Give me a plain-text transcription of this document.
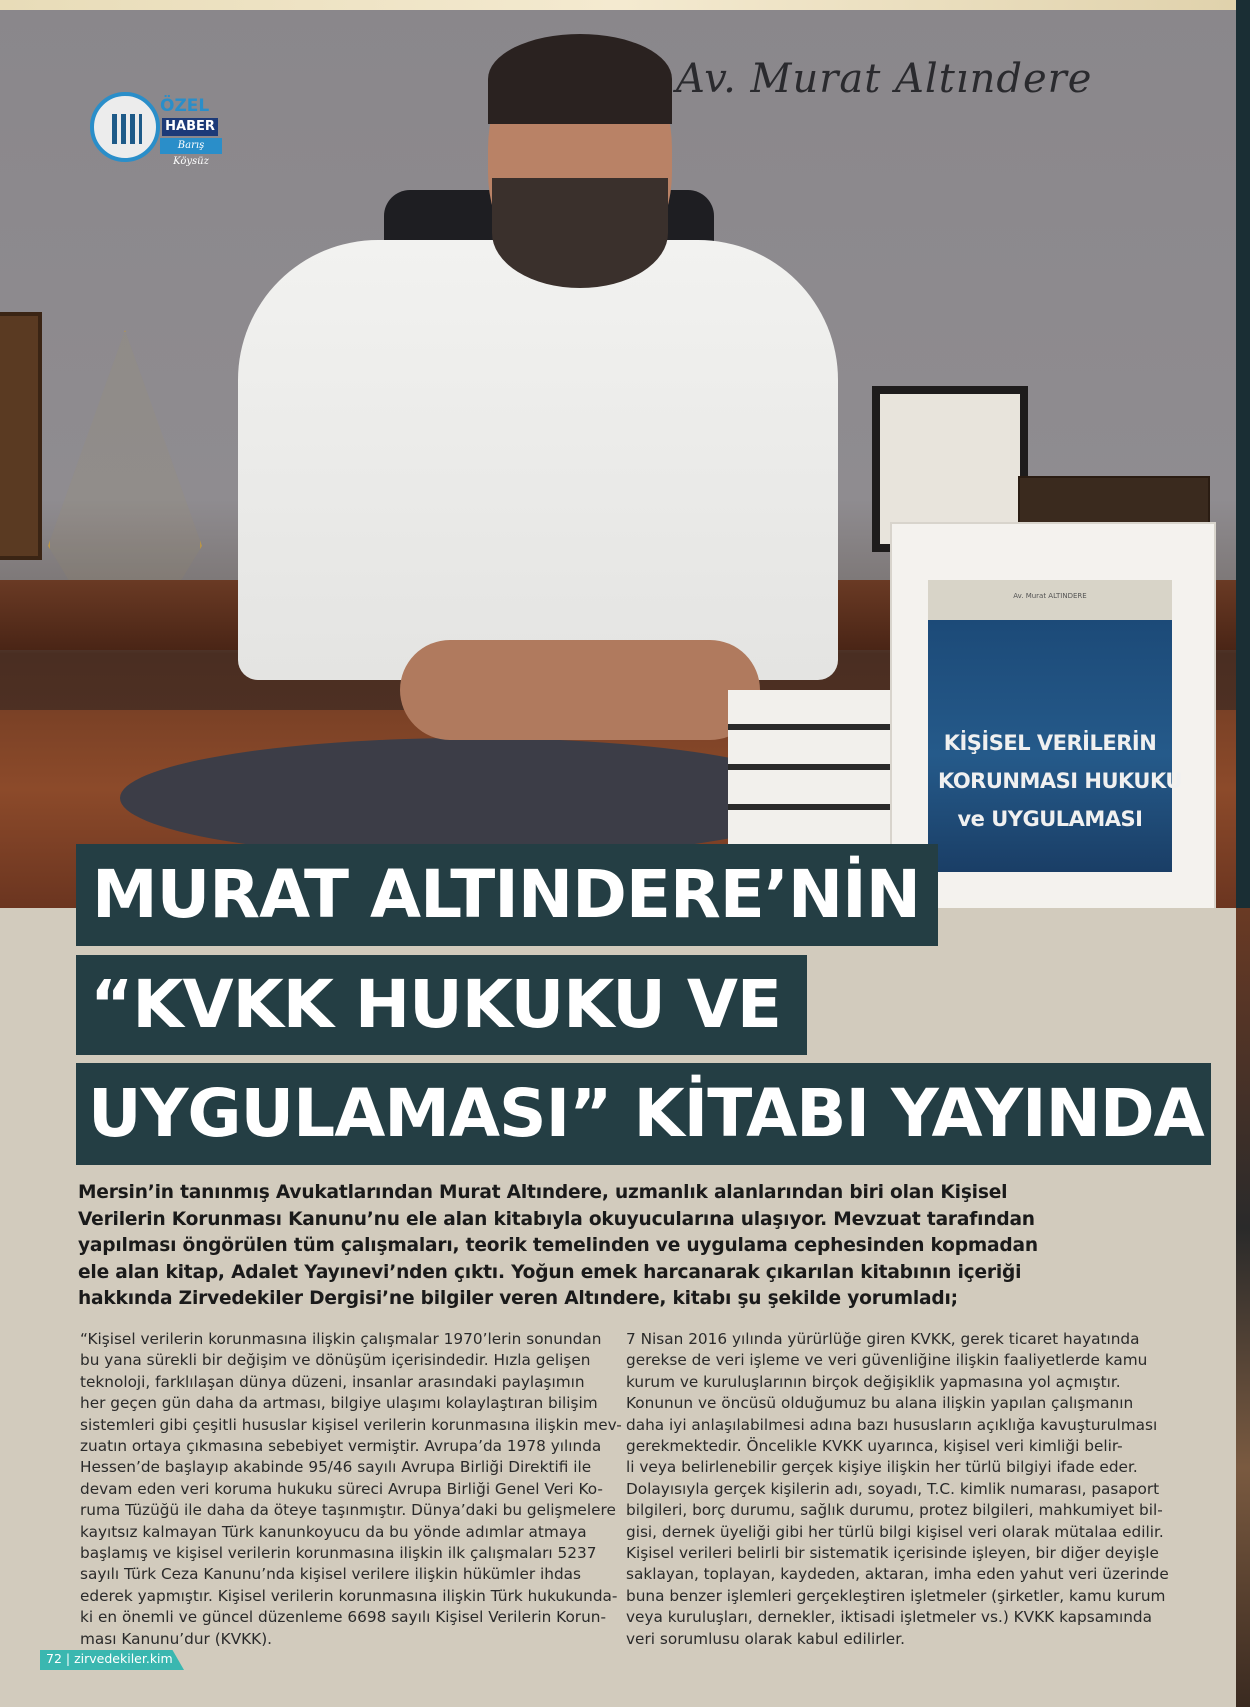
Av. Murat Altındere
Av. Murat ALTINDERE
KİŞİSEL VERİLERİN
KORUNMASI HUKUKU
ve UYGULAMASI
ÖZEL
HABER
Barış Köysüz
MURAT ALTINDERE’NİN
“KVKK HUKUKU VE
UYGULAMASI” KİTABI YAYINDA
Mersin’in tanınmış Avukatlarından Murat Altındere, uzmanlık alanlarından biri olan Kişisel
Verilerin Korunması Kanunu’nu ele alan kitabıyla okuyucularına ulaşıyor. Mevzuat tarafından
yapılması öngörülen tüm çalışmaları, teorik temelinden ve uygulama cephesinden kopmadan
ele alan kitap, Adalet Yayınevi’nden çıktı. Yoğun emek harcanarak çıkarılan kitabının içeriği
hakkında Zirvedekiler Dergisi’ne bilgiler veren Altındere, kitabı şu şekilde yorumladı;
“Kişisel verilerin korunmasına ilişkin çalışmalar 1970’lerin sonundan
bu yana sürekli bir değişim ve dönüşüm içerisindedir. Hızla gelişen
teknoloji, farklılaşan dünya düzeni, insanlar arasındaki paylaşımın
her geçen gün daha da artması, bilgiye ulaşımı kolaylaştıran bilişim
sistemleri gibi çeşitli hususlar kişisel verilerin korunmasına ilişkin mev-
zuatın ortaya çıkmasına sebebiyet vermiştir. Avrupa’da 1978 yılında
Hessen’de başlayıp akabinde 95/46 sayılı Avrupa Birliği Direktifi ile
devam eden veri koruma hukuku süreci Avrupa Birliği Genel Veri Ko-
ruma Tüzüğü ile daha da öteye taşınmıştır. Dünya’daki bu gelişmelere
kayıtsız kalmayan Türk kanunkoyucu da bu yönde adımlar atmaya
başlamış ve kişisel verilerin korunmasına ilişkin ilk çalışmaları 5237
sayılı Türk Ceza Kanunu’nda kişisel verilere ilişkin hükümler ihdas
ederek yapmıştır. Kişisel verilerin korunmasına ilişkin Türk hukukunda-
ki en önemli ve güncel düzenleme 6698 sayılı Kişisel Verilerin Korun-
ması Kanunu’dur (KVKK).
7 Nisan 2016 yılında yürürlüğe giren KVKK, gerek ticaret hayatında
gerekse de veri işleme ve veri güvenliğine ilişkin faaliyetlerde kamu
kurum ve kuruluşlarının birçok değişiklik yapmasına yol açmıştır.
Konunun ve öncüsü olduğumuz bu alana ilişkin yapılan çalışmanın
daha iyi anlaşılabilmesi adına bazı hususların açıklığa kavuşturulması
gerekmektedir. Öncelikle KVKK uyarınca, kişisel veri kimliği belir-
li veya belirlenebilir gerçek kişiye ilişkin her türlü bilgiyi ifade eder.
Dolayısıyla gerçek kişilerin adı, soyadı, T.C. kimlik numarası, pasaport
bilgileri, borç durumu, sağlık durumu, protez bilgileri, mahkumiyet bil-
gisi, dernek üyeliği gibi her türlü bilgi kişisel veri olarak mütalaa edilir.
Kişisel verileri belirli bir sistematik içerisinde işleyen, bir diğer deyişle
saklayan, toplayan, kaydeden, aktaran, imha eden yahut veri üzerinde
buna benzer işlemleri gerçekleştiren işletmeler (şirketler, kamu kurum
veya kuruluşları, dernekler, iktisadi işletmeler vs.) KVKK kapsamında
veri sorumlusu olarak kabul edilirler.
72 | zirvedekiler.kim
